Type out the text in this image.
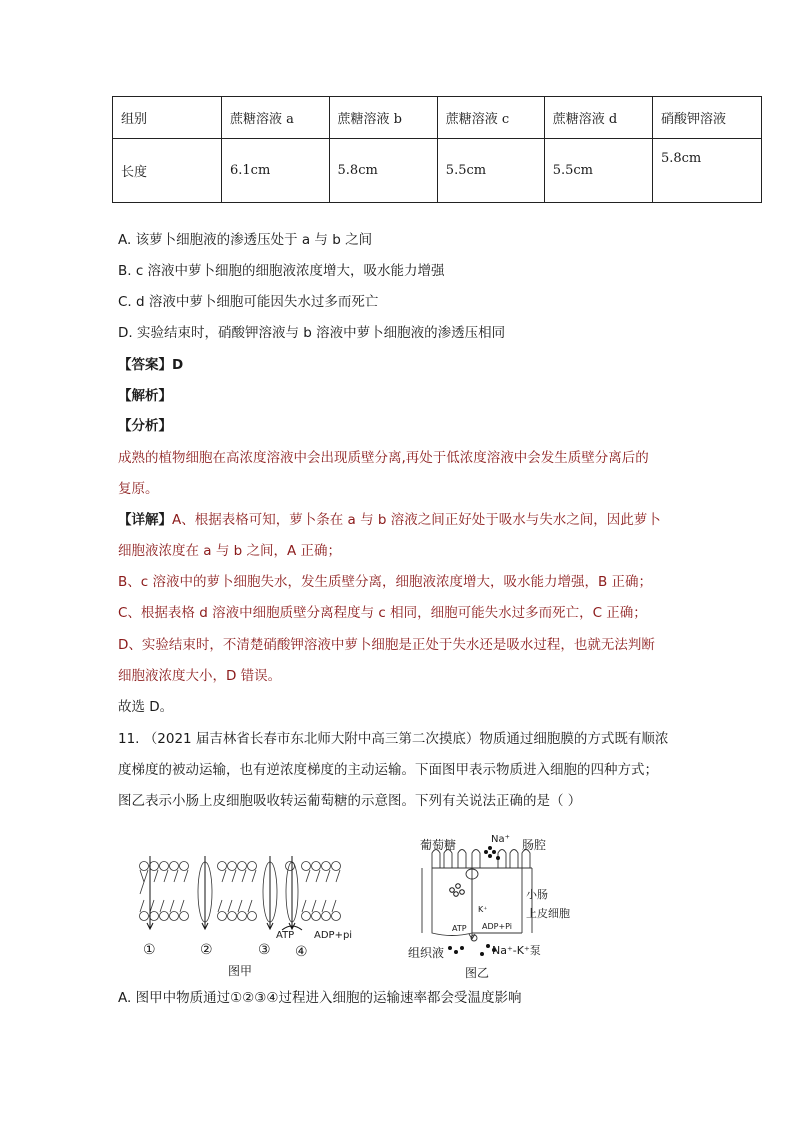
组别	蔗糖溶液 a	蔗糖溶液 b	蔗糖溶液 c	蔗糖溶液 d	硝酸钾溶液
长度	6.1cm	5.8cm	5.5cm	5.5cm	5.8cm
A. 该萝卜细胞液的渗透压处于 a 与 b 之间
B. c 溶液中萝卜细胞的细胞液浓度增大，吸水能力增强
C. d 溶液中萝卜细胞可能因失水过多而死亡
D. 实验结束时，硝酸钾溶液与 b 溶液中萝卜细胞液的渗透压相同
【答案】D
【解析】
【分析】
成熟的植物细胞在高浓度溶液中会出现质壁分离,再处于低浓度溶液中会发生质壁分离后的
复原。
【详解】A、根据表格可知，萝卜条在 a 与 b 溶液之间正好处于吸水与失水之间，因此萝卜
细胞液浓度在 a 与 b 之间，A 正确；
B、c 溶液中的萝卜细胞失水，发生质壁分离，细胞液浓度增大，吸水能力增强，B 正确；
C、根据表格 d 溶液中细胞质壁分离程度与 c 相同，细胞可能失水过多而死亡，C 正确；
D、实验结束时，不清楚硝酸钾溶液中萝卜细胞是正处于失水还是吸水过程，也就无法判断
细胞液浓度大小，D 错误。
故选 D。
11. （2021 届吉林省长春市东北师大附中高三第二次摸底）物质通过细胞膜的方式既有顺浓
度梯度的被动运输，也有逆浓度梯度的主动运输。下面图甲表示物质进入细胞的四种方式；
图乙表示小肠上皮细胞吸收转运葡萄糖的示意图。下列有关说法正确的是（ ）
①	②	③ ④
ATP ADP+pi
图甲
葡萄糖	Na⁺ 肠腔
小肠
上皮细胞
组织液	Na⁺-K⁺泵
K⁺
ATP ADP+Pi
图乙
A. 图甲中物质通过①②③④过程进入细胞的运输速率都会受温度影响
